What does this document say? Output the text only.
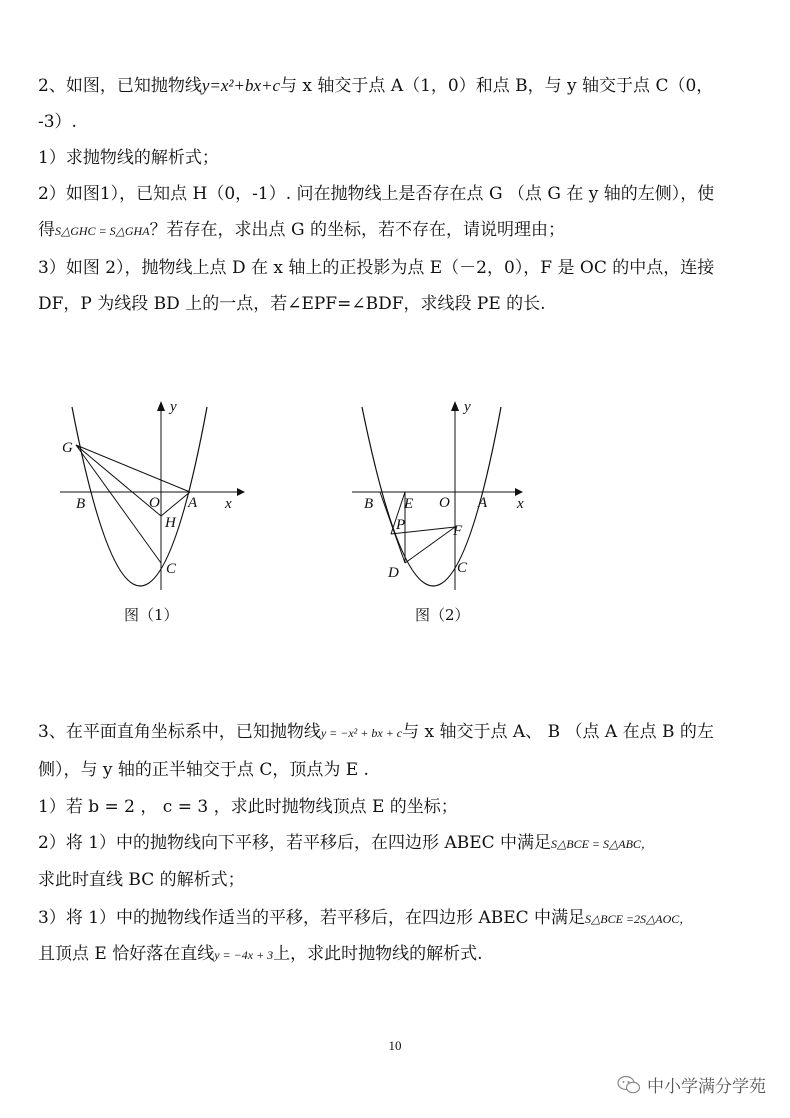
2、如图，已知抛物线y=x²+bx+c与 x 轴交于点 A（1，0）和点 B，与 y 轴交于点 C（0，
-3）.
1）求抛物线的解析式；
2）如图1），已知点 H（0，-1）. 问在抛物线上是否存在点 G （点 G 在 y 轴的左侧），使
得S△GHC = S△GHA？若存在，求出点 G 的坐标，若不存在，请说明理由；
3）如图 2），抛物线上点 D 在 x 轴上的正投影为点 E（－2，0），F 是 OC 的中点，连接
DF，P 为线段 BD 上的一点，若∠EPF=∠BDF，求线段 PE 的长.
y
x
G
B	O A
H
C
图（1）
y
x
B E O A
P	F
D	C
图（2）
3、在平面直角坐标系中，已知抛物线y = −x² + bx + c与 x 轴交于点 A、 B （点 A 在点 B 的左
侧），与 y 轴的正半轴交于点 C，顶点为 E .
1）若 b = 2 ， c = 3 ，求此时抛物线顶点 E 的坐标；
2）将 1）中的抛物线向下平移，若平移后，在四边形 ABEC 中满足S△BCE = S△ABC，
求此时直线 BC 的解析式；
3）将 1）中的抛物线作适当的平移，若平移后，在四边形 ABEC 中满足S△BCE =2S△AOC，
且顶点 E 恰好落在直线y = −4x + 3上，求此时抛物线的解析式.
10
中小学满分学苑
